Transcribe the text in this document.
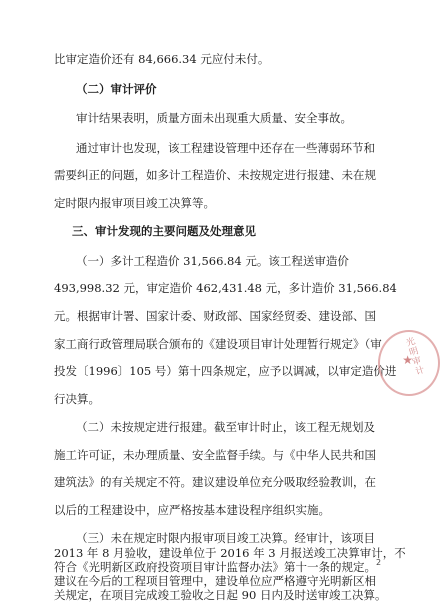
比审定造价还有 84,666.34 元应付未付。
（二）审计评价
审计结果表明，质量方面未出现重大质量、安全事故。
通过审计也发现，该工程建设管理中还存在一些薄弱环节和
需要纠正的问题，如多计工程造价、未按规定进行报建、未在规
定时限内报审项目竣工决算等。
三、审计发现的主要问题及处理意见
（一）多计工程造价 31,566.84 元。该工程送审造价
493,998.32 元，审定造价 462,431.48 元，多计造价 31,566.84
元。根据审计署、国家计委、财政部、国家经贸委、建设部、国
家工商行政管理局联合颁布的《建设项目审计处理暂行规定》（审
投发〔1996〕105 号）第十四条规定，应予以调减，以审定造价进
行决算。
（二）未按规定进行报建。截至审计时止，该工程无规划及
施工许可证，未办理质量、安全监督手续。与《中华人民共和国
建筑法》的有关规定不符。建议建设单位充分吸取经验教训，在
以后的工程建设中，应严格按基本建设程序组织实施。
（三）未在规定时限内报审项目竣工决算。经审计，该项目
2013 年 8 月验收，建设单位于 2016 年 3 月报送竣工决算审计，不
符合《光明新区政府投资项目审计监督办法》第十一条的规定。
建议在今后的工程项目管理中，建设单位应严格遵守光明新区相
关规定，在项目完成竣工验收之日起 90 日内及时送审竣工决算。
光明审计
★
2
